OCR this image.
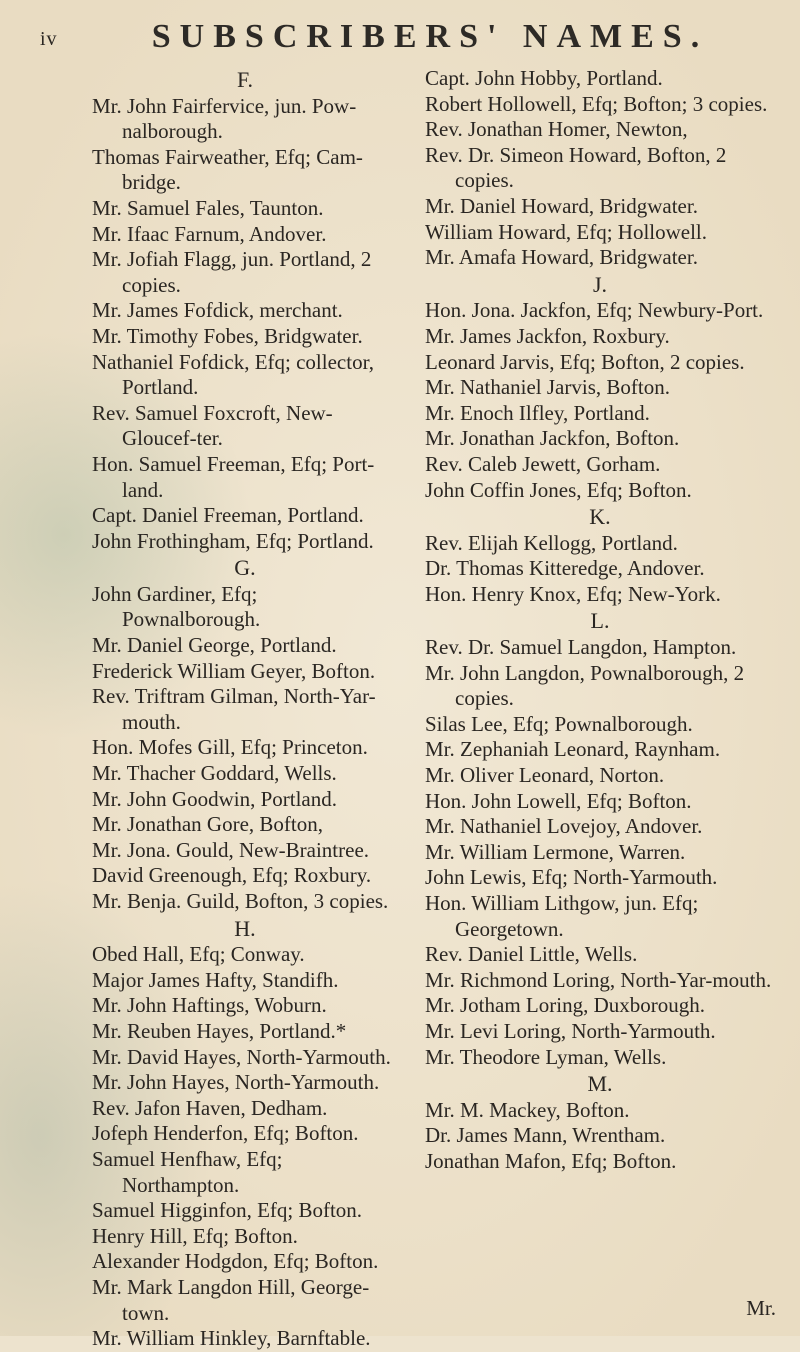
iv	SUBSCRIBERS' NAMES.
F.
Mr. John Fairfervice, jun. Pow-nalborough.
Thomas Fairweather, Efq; Cam-bridge.
Mr. Samuel Fales, Taunton.
Mr. Ifaac Farnum, Andover.
Mr. Jofiah Flagg, jun. Portland, 2 copies.
Mr. James Fofdick, merchant.
Mr. Timothy Fobes, Bridgwater.
Nathaniel Fofdick, Efq; collector, Portland.
Rev. Samuel Foxcroft, New-Gloucef-ter.
Hon. Samuel Freeman, Efq; Port-land.
Capt. Daniel Freeman, Portland.
John Frothingham, Efq; Portland.
G.
John Gardiner, Efq; Pownalborough.
Mr. Daniel George, Portland.
Frederick William Geyer, Bofton.
Rev. Triftram Gilman, North-Yar-mouth.
Hon. Mofes Gill, Efq; Princeton.
Mr. Thacher Goddard, Wells.
Mr. John Goodwin, Portland.
Mr. Jonathan Gore, Bofton,
Mr. Jona. Gould, New-Braintree.
David Greenough, Efq; Roxbury.
Mr. Benja. Guild, Bofton, 3 copies.
H.
Obed Hall, Efq; Conway.
Major James Hafty, Standifh.
Mr. John Haftings, Woburn.
Mr. Reuben Hayes, Portland.*
Mr. David Hayes, North-Yarmouth.
Mr. John Hayes, North-Yarmouth.
Rev. Jafon Haven, Dedham.
Jofeph Henderfon, Efq; Bofton.
Samuel Henfhaw, Efq; Northampton.
Samuel Higginfon, Efq; Bofton.
Henry Hill, Efq; Bofton.
Alexander Hodgdon, Efq; Bofton.
Mr. Mark Langdon Hill, George-town.
Mr. William Hinkley, Barnftable.
Capt. John Hobby, Portland.
Robert Hollowell, Efq; Bofton; 3 copies.
Rev. Jonathan Homer, Newton,
Rev. Dr. Simeon Howard, Bofton, 2 copies.
Mr. Daniel Howard, Bridgwater.
William Howard, Efq; Hollowell.
Mr. Amafa Howard, Bridgwater.
J.
Hon. Jona. Jackfon, Efq; Newbury-Port.
Mr. James Jackfon, Roxbury.
Leonard Jarvis, Efq; Bofton, 2 copies.
Mr. Nathaniel Jarvis, Bofton.
Mr. Enoch Ilfley, Portland.
Mr. Jonathan Jackfon, Bofton.
Rev. Caleb Jewett, Gorham.
John Coffin Jones, Efq; Bofton.
K.
Rev. Elijah Kellogg, Portland.
Dr. Thomas Kitteredge, Andover.
Hon. Henry Knox, Efq; New-York.
L.
Rev. Dr. Samuel Langdon, Hampton.
Mr. John Langdon, Pownalborough, 2 copies.
Silas Lee, Efq; Pownalborough.
Mr. Zephaniah Leonard, Raynham.
Mr. Oliver Leonard, Norton.
Hon. John Lowell, Efq; Bofton.
Mr. Nathaniel Lovejoy, Andover.
Mr. William Lermone, Warren.
John Lewis, Efq; North-Yarmouth.
Hon. William Lithgow, jun. Efq; Georgetown.
Rev. Daniel Little, Wells.
Mr. Richmond Loring, North-Yar-mouth.
Mr. Jotham Loring, Duxborough.
Mr. Levi Loring, North-Yarmouth.
Mr. Theodore Lyman, Wells.
M.
Mr. M. Mackey, Bofton.
Dr. James Mann, Wrentham.
Jonathan Mafon, Efq; Bofton.
Mr.
